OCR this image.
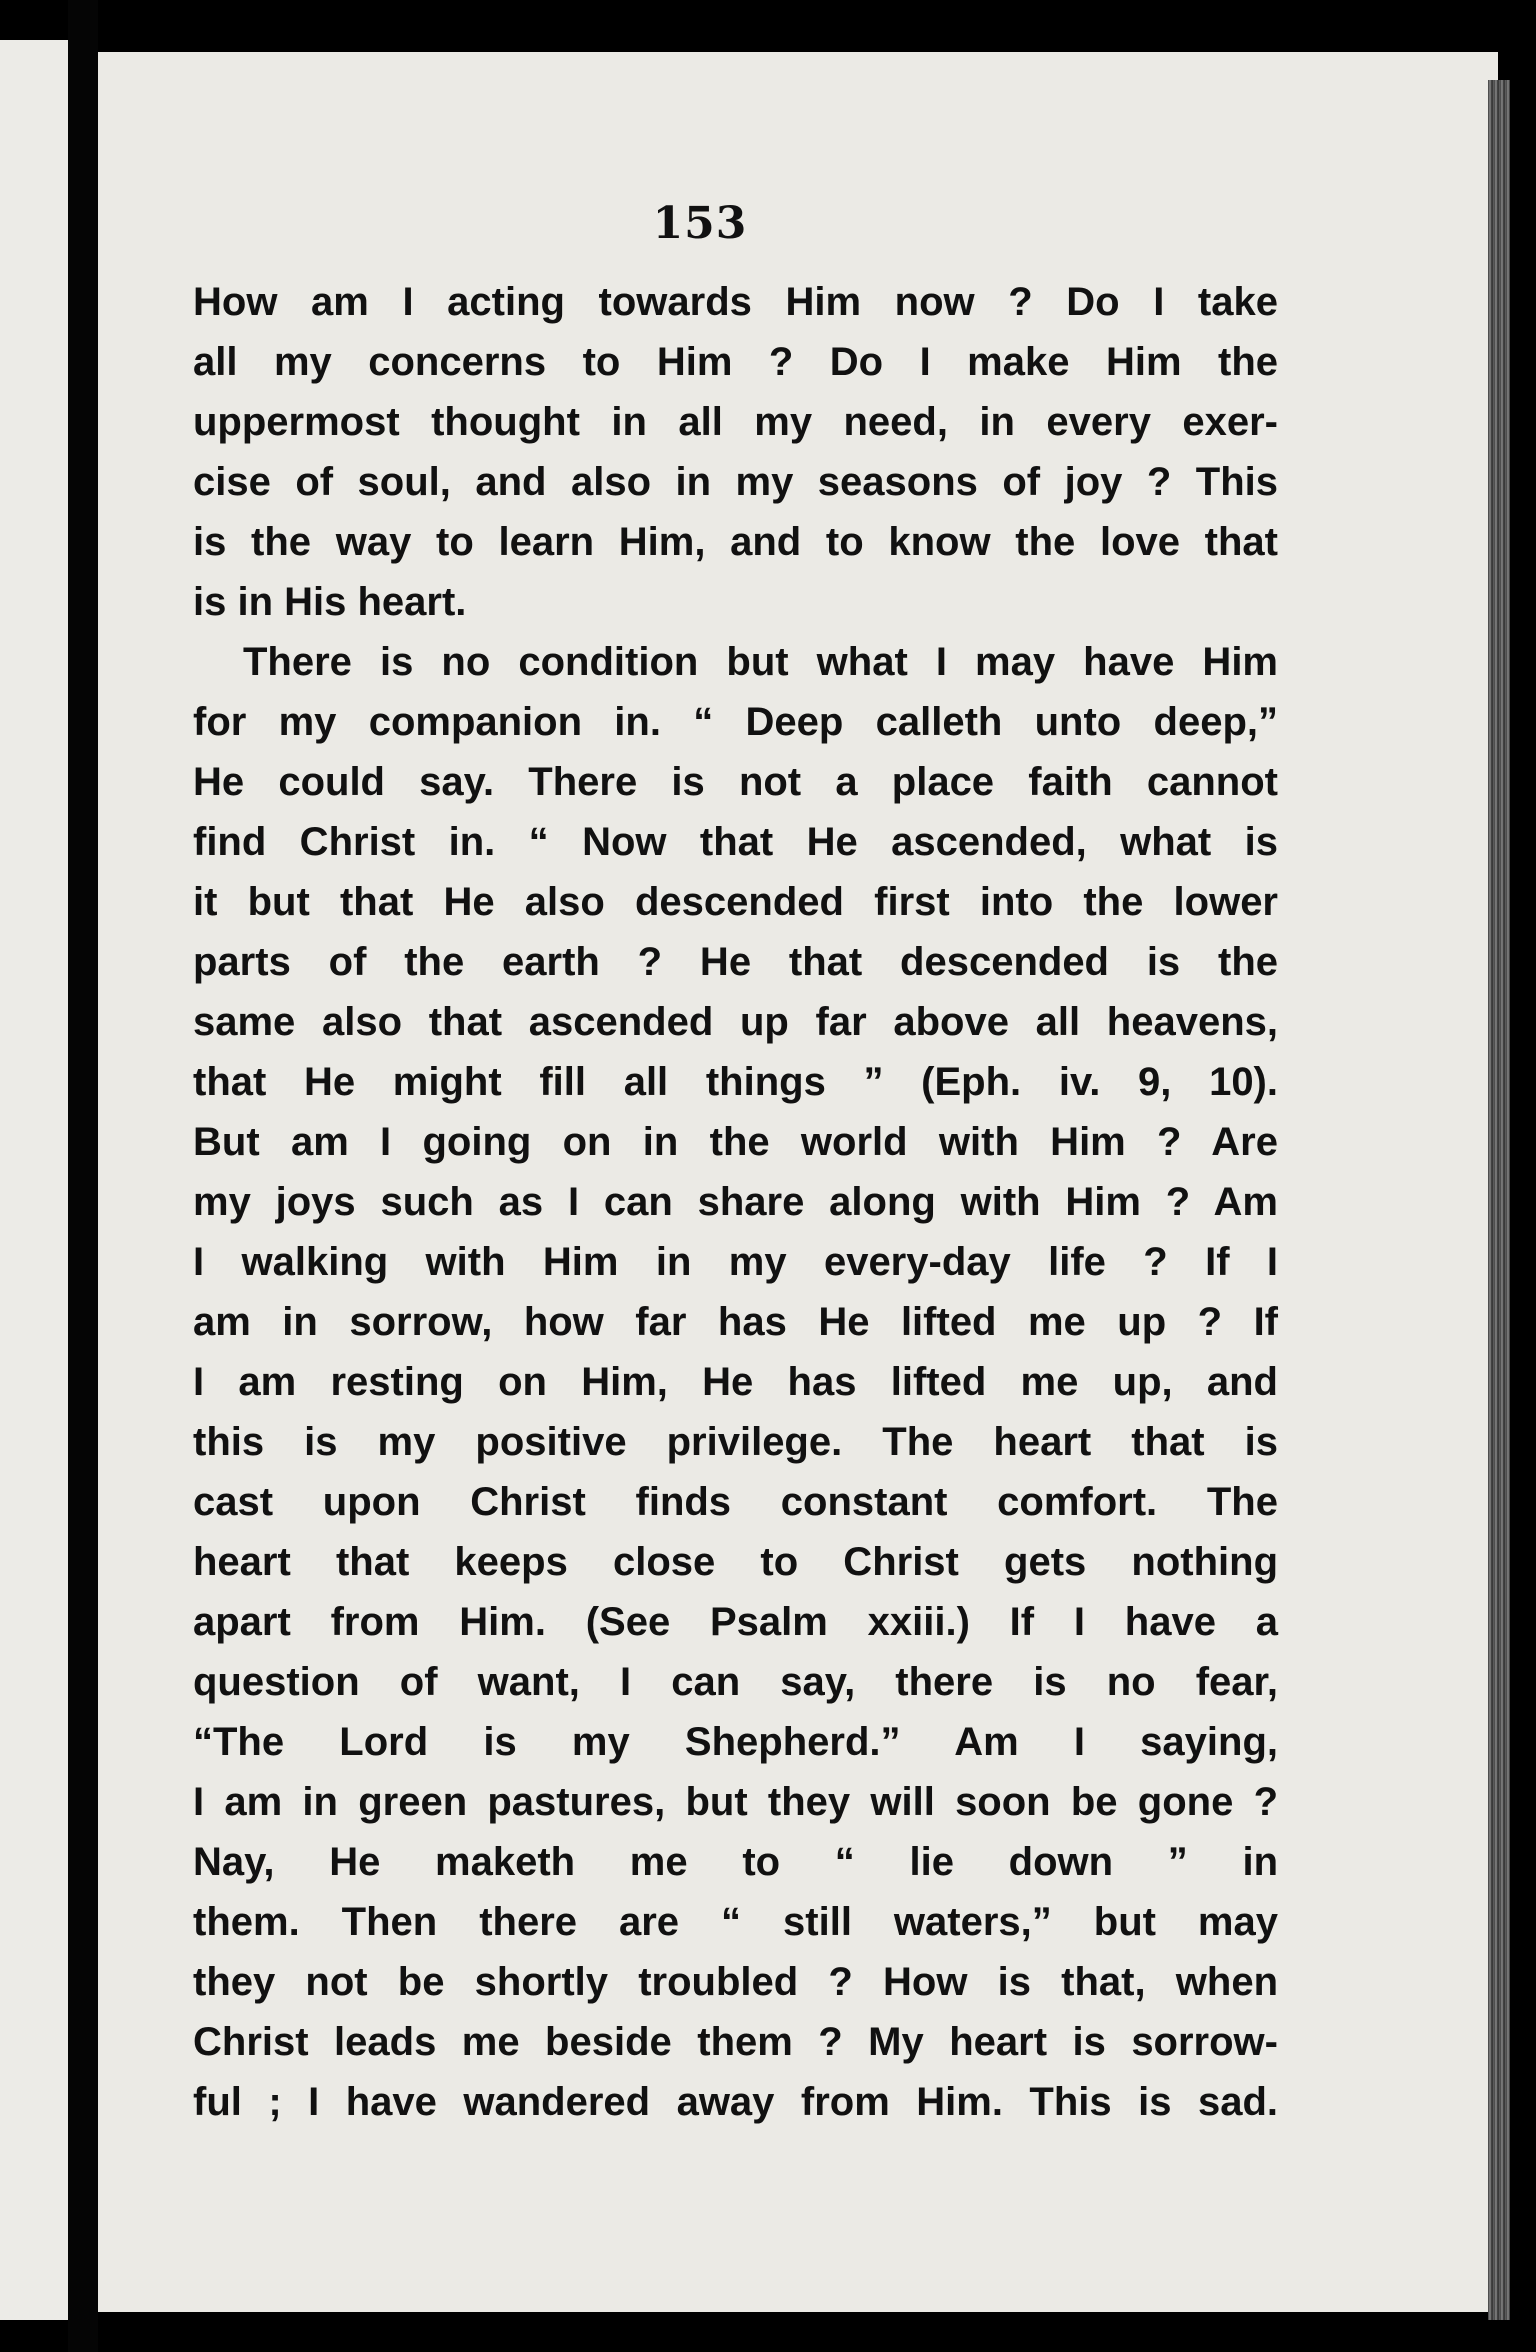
153
How am I acting towards Him now ? Do I take
all my concerns to Him ? Do I make Him the
uppermost thought in all my need, in every exer-
cise of soul, and also in my seasons of joy ? This
is the way to learn Him, and to know the love that
is in His heart.
There is no condition but what I may have Him
for my companion in. “ Deep calleth unto deep,”
He could say. There is not a place faith cannot
find Christ in. “ Now that He ascended, what is
it but that He also descended first into the lower
parts of the earth ? He that descended is the
same also that ascended up far above all heavens,
that He might fill all things ” (Eph. iv. 9, 10).
But am I going on in the world with Him ? Are
my joys such as I can share along with Him ? Am
I walking with Him in my every-day life ? If I
am in sorrow, how far has He lifted me up ? If
I am resting on Him, He has lifted me up, and
this is my positive privilege. The heart that is
cast upon Christ finds constant comfort. The
heart that keeps close to Christ gets nothing
apart from Him. (See Psalm xxiii.) If I have a
question of want, I can say, there is no fear,
“The Lord is my Shepherd.” Am I saying,
I am in green pastures, but they will soon be gone ?
Nay, He maketh me to “ lie down ” in
them. Then there are “ still waters,” but may
they not be shortly troubled ? How is that, when
Christ leads me beside them ? My heart is sorrow-
ful ; I have wandered away from Him. This is sad.
